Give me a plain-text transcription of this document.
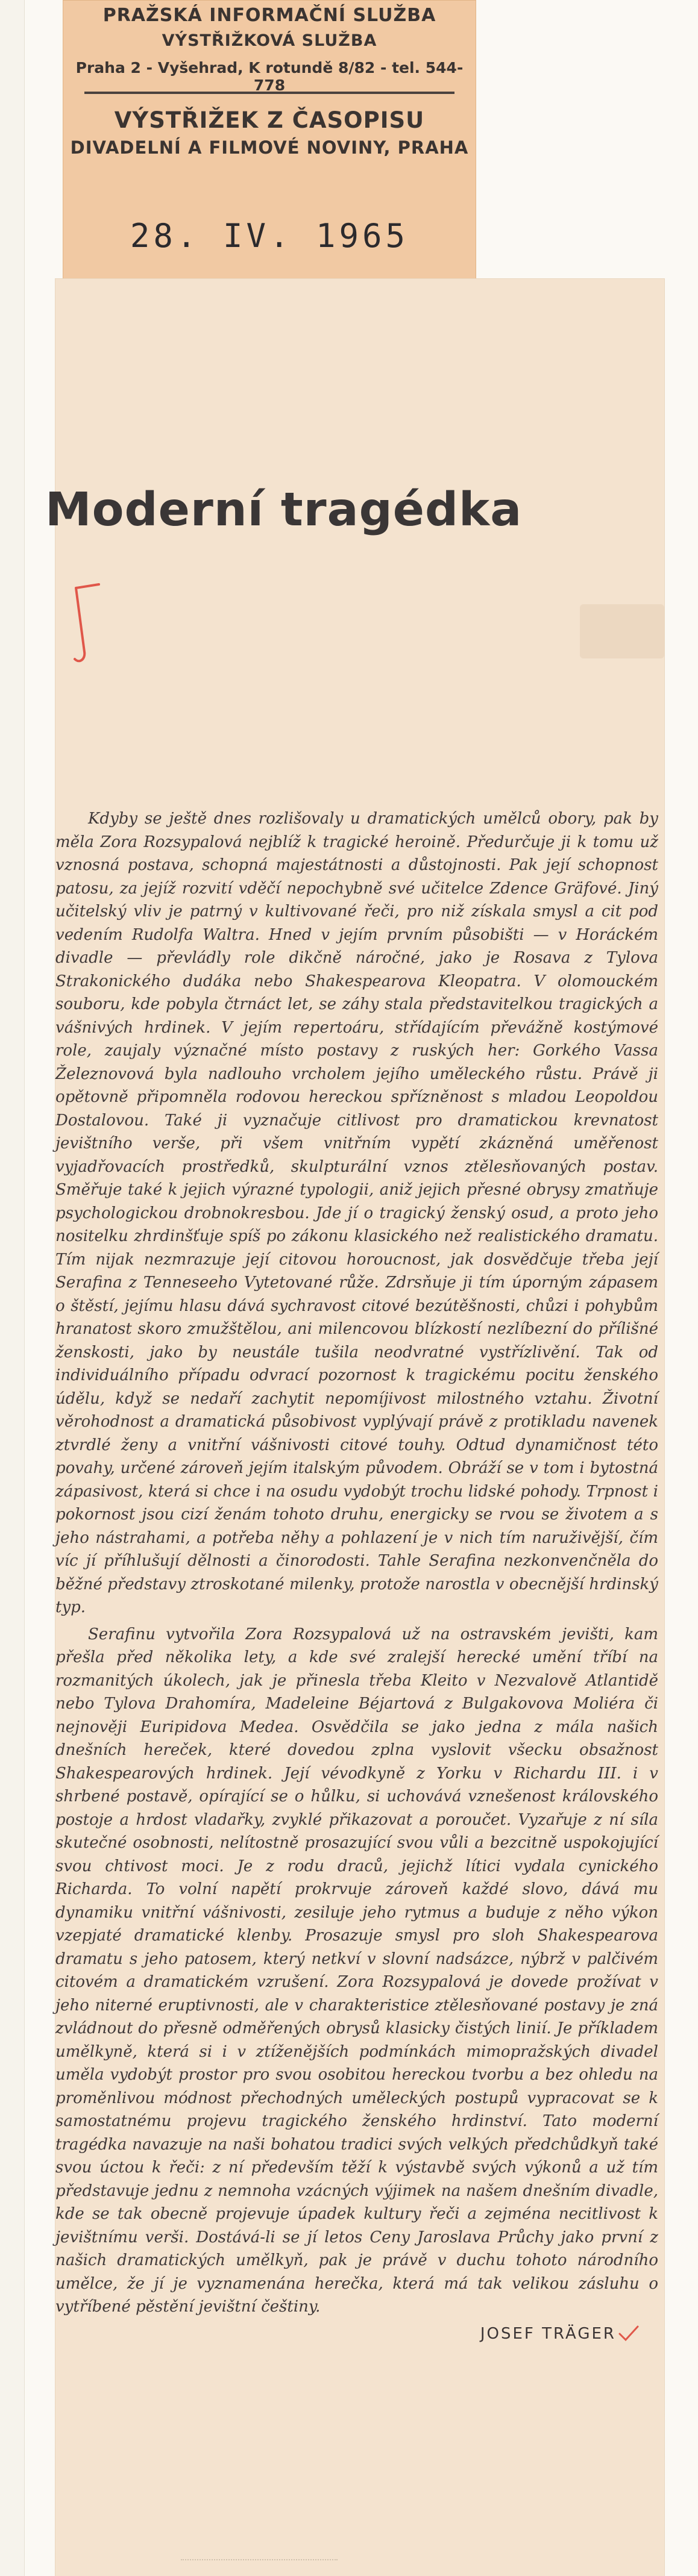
PRAŽSKÁ INFORMAČNÍ SLUŽBA
VÝSTŘIŽKOVÁ SLUŽBA
Praha 2 - Vyšehrad, K rotundě 8/82 - tel. 544-778
VÝSTŘIŽEK Z ČASOPISU
DIVADELNÍ A FILMOVÉ NOVINY, PRAHA
28. IV. 1965
Moderní tragédka

Kdyby se ještě dnes rozlišovaly u dramatických umělců obory, pak by měla Zora Rozsypalová nejblíž k tragické heroině. Předurčuje ji k tomu už vznosná postava, schopná majestátnosti a důstojnosti. Pak její schopnost patosu, za jejíž rozvití vděčí nepochybně své učitelce Zdence Gräfové. Jiný učitelský vliv je patrný v kultivované řeči, pro niž získala smysl a cit pod vedením Rudolfa Waltra. Hned v jejím prvním působišti — v Horáckém divadle — převládly role dikčně náročné, jako je Rosava z Tylova Strakonického dudáka nebo Shakespearova Kleopatra. V olomouckém souboru, kde pobyla čtrnáct let, se záhy stala představitelkou tragických a vášnivých hrdinek. V jejím repertoáru, střídajícím převážně kostýmové role, zaujaly význačné místo postavy z ruských her: Gorkého Vassa Železnovová byla nadlouho vrcholem jejího uměleckého růstu. Právě ji opětovně připomněla rodovou hereckou spřízněnost s mladou Leopoldou Dostalovou. Také ji vyznačuje citlivost pro dramatickou krevnatost jevištního verše, při všem vnitřním vypětí zkázněná uměřenost vyjadřovacích prostředků, skulpturální vznos ztělesňovaných postav. Směřuje také k jejich výrazné typologii, aniž jejich přesné obrysy zmatňuje psychologickou drobnokresbou. Jde jí o tragický ženský osud, a proto jeho nositelku zhrdinšťuje spíš po zákonu klasického než realistického dramatu. Tím nijak nezmrazuje její citovou horoucnost, jak dosvědčuje třeba její Serafina z Tenneseeho Vytetované růže. Zdrsňuje ji tím úporným zápasem o štěstí, jejímu hlasu dává sychravost citové bezútěšnosti, chůzi i pohybům hranatost skoro zmužštělou, ani milencovou blízkostí nezlíbezní do přílišné ženskosti, jako by neustále tušila neodvratné vystřízlivění. Tak od individuálního případu odvrací pozornost k tragickému pocitu ženského údělu, když se nedaří zachytit nepomíjivost milostného vztahu. Životní věrohodnost a dramatická působivost vyplývají právě z protikladu navenek ztvrdlé ženy a vnitřní vášnivosti citové touhy. Odtud dynamičnost této povahy, určené zároveň jejím italským původem. Obráží se v tom i bytostná zápasivost, která si chce i na osudu vydobýt trochu lidské pohody. Trpnost i pokornost jsou cizí ženám tohoto druhu, energicky se rvou se životem a s jeho nástrahami, a potřeba něhy a pohlazení je v nich tím naruživější, čím víc jí příhlušují dělnosti a činorodosti. Tahle Serafina nezkonvenčněla do běžné představy ztroskotané milenky, protože narostla v obecnější hrdinský typ.

Serafinu vytvořila Zora Rozsypalová už na ostravském jevišti, kam přešla před několika lety, a kde své zralejší herecké umění tříbí na rozmanitých úkolech, jak je přinesla třeba Kleito v Nezvalově Atlantidě nebo Tylova Drahomíra, Madeleine Béjartová z Bulgakovova Moliéra či nejnověji Euripidova Medea. Osvědčila se jako jedna z mála našich dnešních hereček, které dovedou zplna vyslovit všecku obsažnost Shakespearových hrdinek. Její vévodkyně z Yorku v Richardu III. i v shrbené postavě, opírající se o hůlku, si uchovává vznešenost královského postoje a hrdost vladařky, zvyklé přikazovat a poroučet. Vyzařuje z ní síla skutečné osobnosti, nelítostně prosazující svou vůli a bezcitně uspokojující svou chtivost moci. Je z rodu draců, jejichž lítici vydala cynického Richarda. To volní napětí prokrvuje zároveň každé slovo, dává mu dynamiku vnitřní vášnivosti, zesiluje jeho rytmus a buduje z něho výkon vzepjaté dramatické klenby. Prosazuje smysl pro sloh Shakespearova dramatu s jeho patosem, který netkví v slovní nadsázce, nýbrž v palčivém citovém a dramatickém vzrušení. Zora Rozsypalová je dovede prožívat v jeho niterné eruptivnosti, ale v charakteristice ztělesňované postavy je zná zvládnout do přesně odměřených obrysů klasicky čistých linií. Je příkladem umělkyně, která si i v ztíženějších podmínkách mimopražských divadel uměla vydobýt prostor pro svou osobitou hereckou tvorbu a bez ohledu na proměnlivou módnost přechodných uměleckých postupů vypracovat se k samostatnému projevu tragického ženského hrdinství. Tato moderní tragédka navazuje na naši bohatou tradici svých velkých předchůdkyň také svou úctou k řeči: z ní především těží k výstavbě svých výkonů a už tím představuje jednu z nemnoha vzácných výjimek na našem dnešním divadle, kde se tak obecně projevuje úpadek kultury řeči a zejména necitlivost k jevištnímu verši. Dostává-li se jí letos Ceny Jaroslava Průchy jako první z našich dramatických umělkyň, pak je právě v duchu tohoto národního umělce, že jí je vyznamenána herečka, která má tak velikou zásluhu o vytříbené pěstění jevištní češtiny.

JOSEF TRÄGER
